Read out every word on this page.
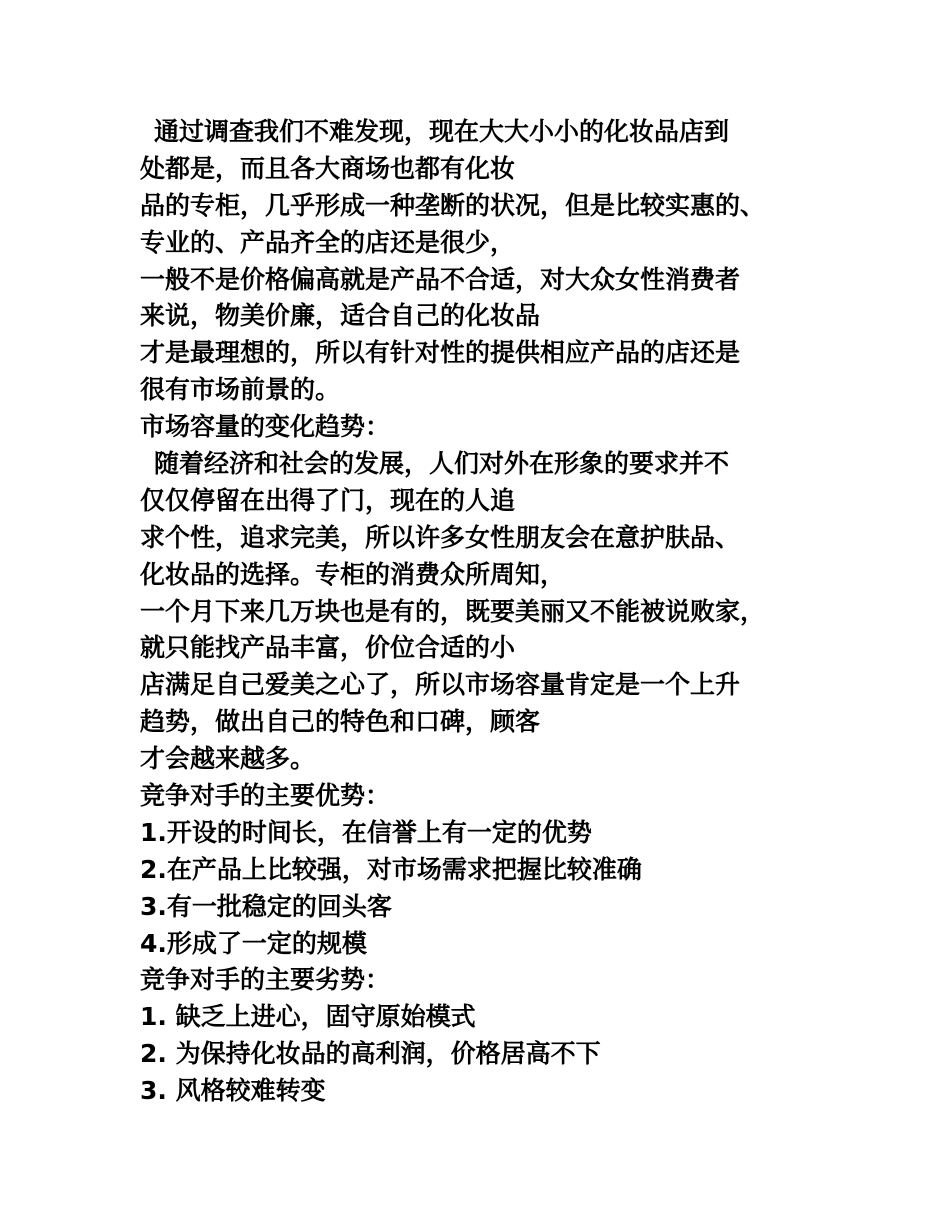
通过调查我们不难发现，现在大大小小的化妆品店到
处都是，而且各大商场也都有化妆
品的专柜，几乎形成一种垄断的状况，但是比较实惠的、
专业的、产品齐全的店还是很少，
一般不是价格偏高就是产品不合适，对大众女性消费者
来说，物美价廉，适合自己的化妆品
才是最理想的，所以有针对性的提供相应产品的店还是
很有市场前景的。
市场容量的变化趋势：
随着经济和社会的发展，人们对外在形象的要求并不
仅仅停留在出得了门，现在的人追
求个性，追求完美，所以许多女性朋友会在意护肤品、
化妆品的选择。专柜的消费众所周知，
一个月下来几万块也是有的，既要美丽又不能被说败家，
就只能找产品丰富，价位合适的小
店满足自己爱美之心了，所以市场容量肯定是一个上升
趋势，做出自己的特色和口碑，顾客
才会越来越多。
竞争对手的主要优势：
1.开设的时间长，在信誉上有一定的优势
2.在产品上比较强，对市场需求把握比较准确
3.有一批稳定的回头客
4.形成了一定的规模
竞争对手的主要劣势：
1. 缺乏上进心，固守原始模式
2. 为保持化妆品的高利润，价格居高不下
3. 风格较难转变
